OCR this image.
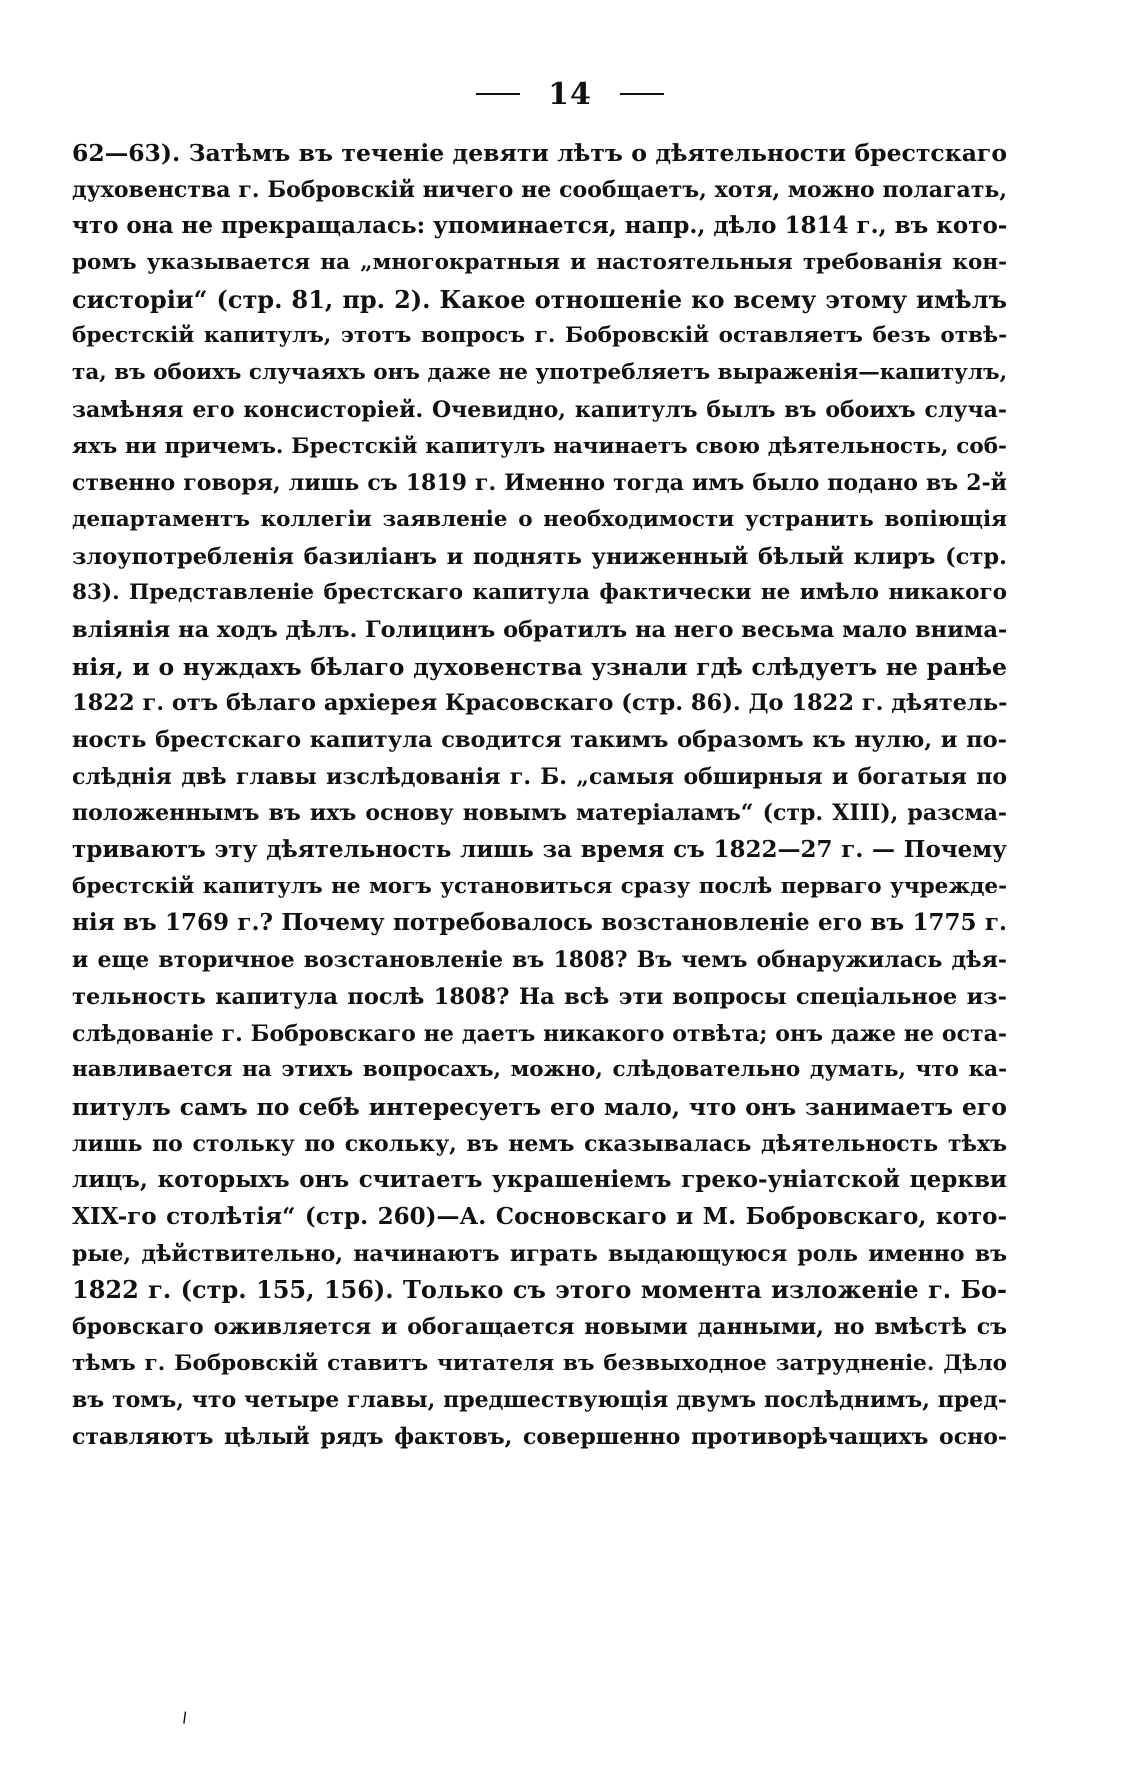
14
62—63). Затѣмъ въ теченіе девяти лѣтъ о дѣятельности брестскаго
духовенства г. Бобровскій ничего не сообщаетъ, хотя, можно полагать,
что она не прекращалась: упоминается, напр., дѣло 1814 г., въ кото-
ромъ указывается на „многократныя и настоятельныя требованія кон-
систоріи“ (стр. 81, пр. 2). Какое отношеніе ко всему этому имѣлъ
брестскій капитулъ, этотъ вопросъ г. Бобровскій оставляетъ безъ отвѣ-
та, въ обоихъ случаяхъ онъ даже не употребляетъ выраженія—капитулъ,
замѣняя его консисторіей. Очевидно, капитулъ былъ въ обоихъ случа-
яхъ ни причемъ. Брестскій капитулъ начинаетъ свою дѣятельность, соб-
ственно говоря, лишь съ 1819 г. Именно тогда имъ было подано въ 2-й
департаментъ коллегіи заявленіе о необходимости устранить вопіющія
злоупотребленія базиліанъ и поднять униженный бѣлый клиръ (стр.
83). Представленіе брестскаго капитула фактически не имѣло никакого
вліянія на ходъ дѣлъ. Голицинъ обратилъ на него весьма мало внима-
нія, и о нуждахъ бѣлаго духовенства узнали гдѣ слѣдуетъ не ранѣе
1822 г. отъ бѣлаго архіерея Красовскаго (стр. 86). До 1822 г. дѣятель-
ность брестскаго капитула сводится такимъ образомъ къ нулю, и по-
слѣднія двѣ главы изслѣдованія г. Б. „самыя обширныя и богатыя по
положеннымъ въ ихъ основу новымъ матеріаламъ“ (стр. XIII), разсма-
триваютъ эту дѣятельность лишь за время съ 1822—27 г. — Почему
брестскій капитулъ не могъ установиться сразу послѣ перваго учрежде-
нія въ 1769 г.? Почему потребовалось возстановленіе его въ 1775 г.
и еще вторичное возстановленіе въ 1808? Въ чемъ обнаружилась дѣя-
тельность капитула послѣ 1808? На всѣ эти вопросы спеціальное из-
слѣдованіе г. Бобровскаго не даетъ никакого отвѣта; онъ даже не оста-
навливается на этихъ вопросахъ, можно, слѣдовательно думать, что ка-
питулъ самъ по себѣ интересуетъ его мало, что онъ занимаетъ его
лишь по стольку по скольку, въ немъ сказывалась дѣятельность тѣхъ
лицъ, которыхъ онъ считаетъ украшеніемъ греко-уніатской церкви
XIX-го столѣтія“ (стр. 260)—А. Сосновскаго и М. Бобровскаго, кото-
рые, дѣйствительно, начинаютъ играть выдающуюся роль именно въ
1822 г. (стр. 155, 156). Только съ этого момента изложеніе г. Бо-
бровскаго оживляется и обогащается новыми данными, но вмѣстѣ съ
тѣмъ г. Бобровскій ставитъ читателя въ безвыходное затрудненіе. Дѣло
въ томъ, что четыре главы, предшествующія двумъ послѣднимъ, пред-
ставляютъ цѣлый рядъ фактовъ, совершенно противорѣчащихъ осно-
\
